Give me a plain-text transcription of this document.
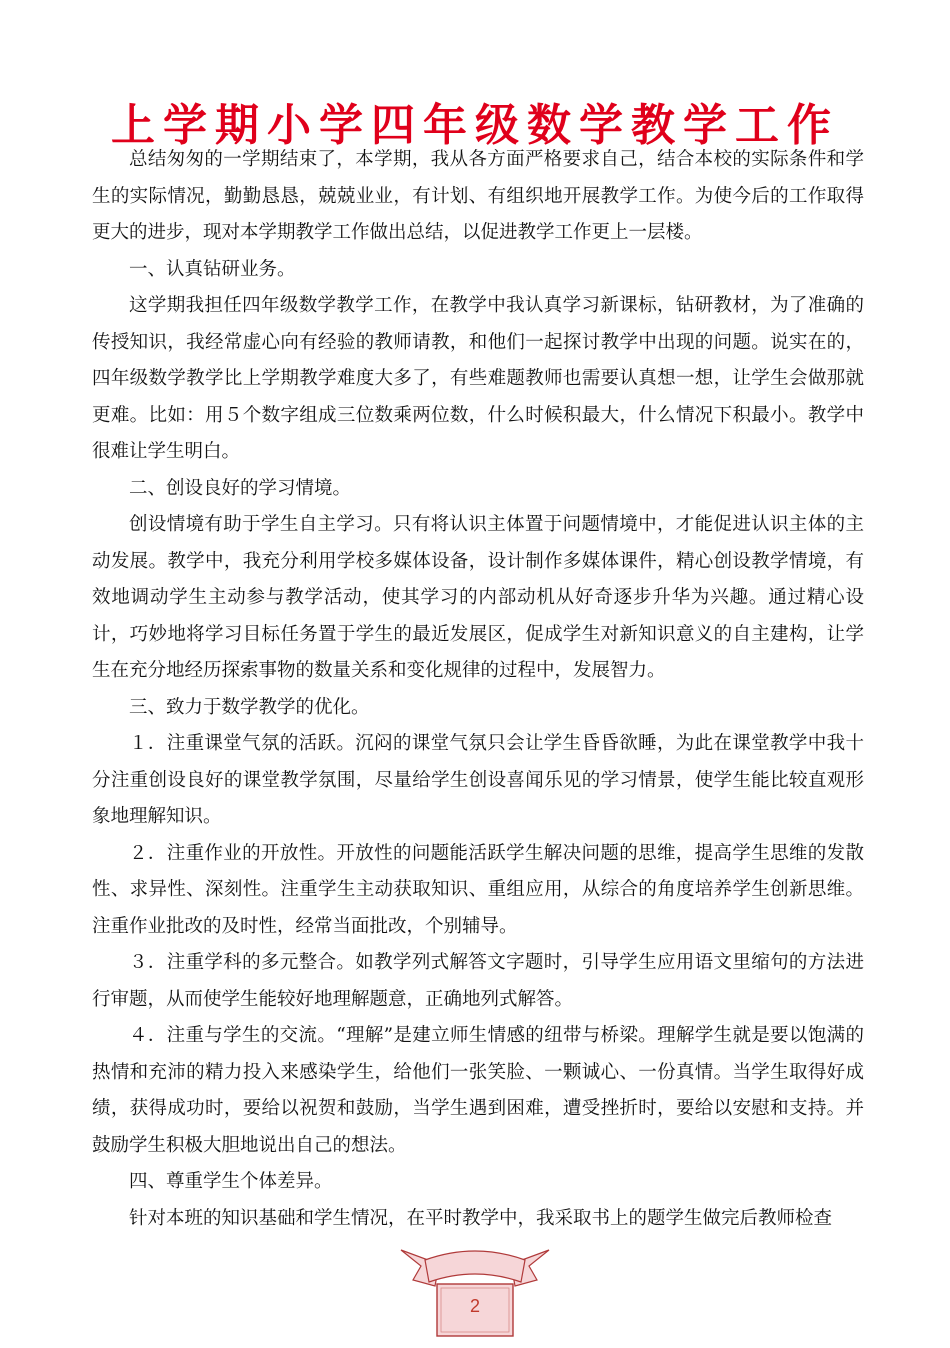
上学期小学四年级数学教学工作

总结匆匆的一学期结束了，本学期，我从各方面严格要求自己，结合本校的实际条件和学生的实际情况，勤勤恳恳，兢兢业业，有计划、有组织地开展教学工作。为使今后的工作取得更大的进步，现对本学期教学工作做出总结，以促进教学工作更上一层楼。

一、认真钻研业务。

这学期我担任四年级数学教学工作，在教学中我认真学习新课标，钻研教材，为了准确的传授知识，我经常虚心向有经验的教师请教，和他们一起探讨教学中出现的问题。说实在的，四年级数学教学比上学期教学难度大多了，有些难题教师也需要认真想一想，让学生会做那就更难。比如：用５个数字组成三位数乘两位数，什么时候积最大，什么情况下积最小。教学中很难让学生明白。

二、创设良好的学习情境。

创设情境有助于学生自主学习。只有将认识主体置于问题情境中，才能促进认识主体的主动发展。教学中，我充分利用学校多媒体设备，设计制作多媒体课件，精心创设教学情境，有效地调动学生主动参与教学活动，使其学习的内部动机从好奇逐步升华为兴趣。通过精心设计，巧妙地将学习目标任务置于学生的最近发展区，促成学生对新知识意义的自主建构，让学生在充分地经历探索事物的数量关系和变化规律的过程中，发展智力。

三、致力于数学教学的优化。

１．注重课堂气氛的活跃。沉闷的课堂气氛只会让学生昏昏欲睡，为此在课堂教学中我十分注重创设良好的课堂教学氛围，尽量给学生创设喜闻乐见的学习情景，使学生能比较直观形象地理解知识。

２．注重作业的开放性。开放性的问题能活跃学生解决问题的思维，提高学生思维的发散性、求异性、深刻性。注重学生主动获取知识、重组应用，从综合的角度培养学生创新思维。注重作业批改的及时性，经常当面批改，个别辅导。

３．注重学科的多元整合。如教学列式解答文字题时，引导学生应用语文里缩句的方法进行审题，从而使学生能较好地理解题意，正确地列式解答。

４．注重与学生的交流。“理解”是建立师生情感的纽带与桥梁。理解学生就是要以饱满的热情和充沛的精力投入来感染学生，给他们一张笑脸、一颗诚心、一份真情。当学生取得好成绩，获得成功时，要给以祝贺和鼓励，当学生遇到困难，遭受挫折时，要给以安慰和支持。并鼓励学生积极大胆地说出自己的想法。

四、尊重学生个体差异。

针对本班的知识基础和学生情况，在平时教学中，我采取书上的题学生做完后教师检查

2
